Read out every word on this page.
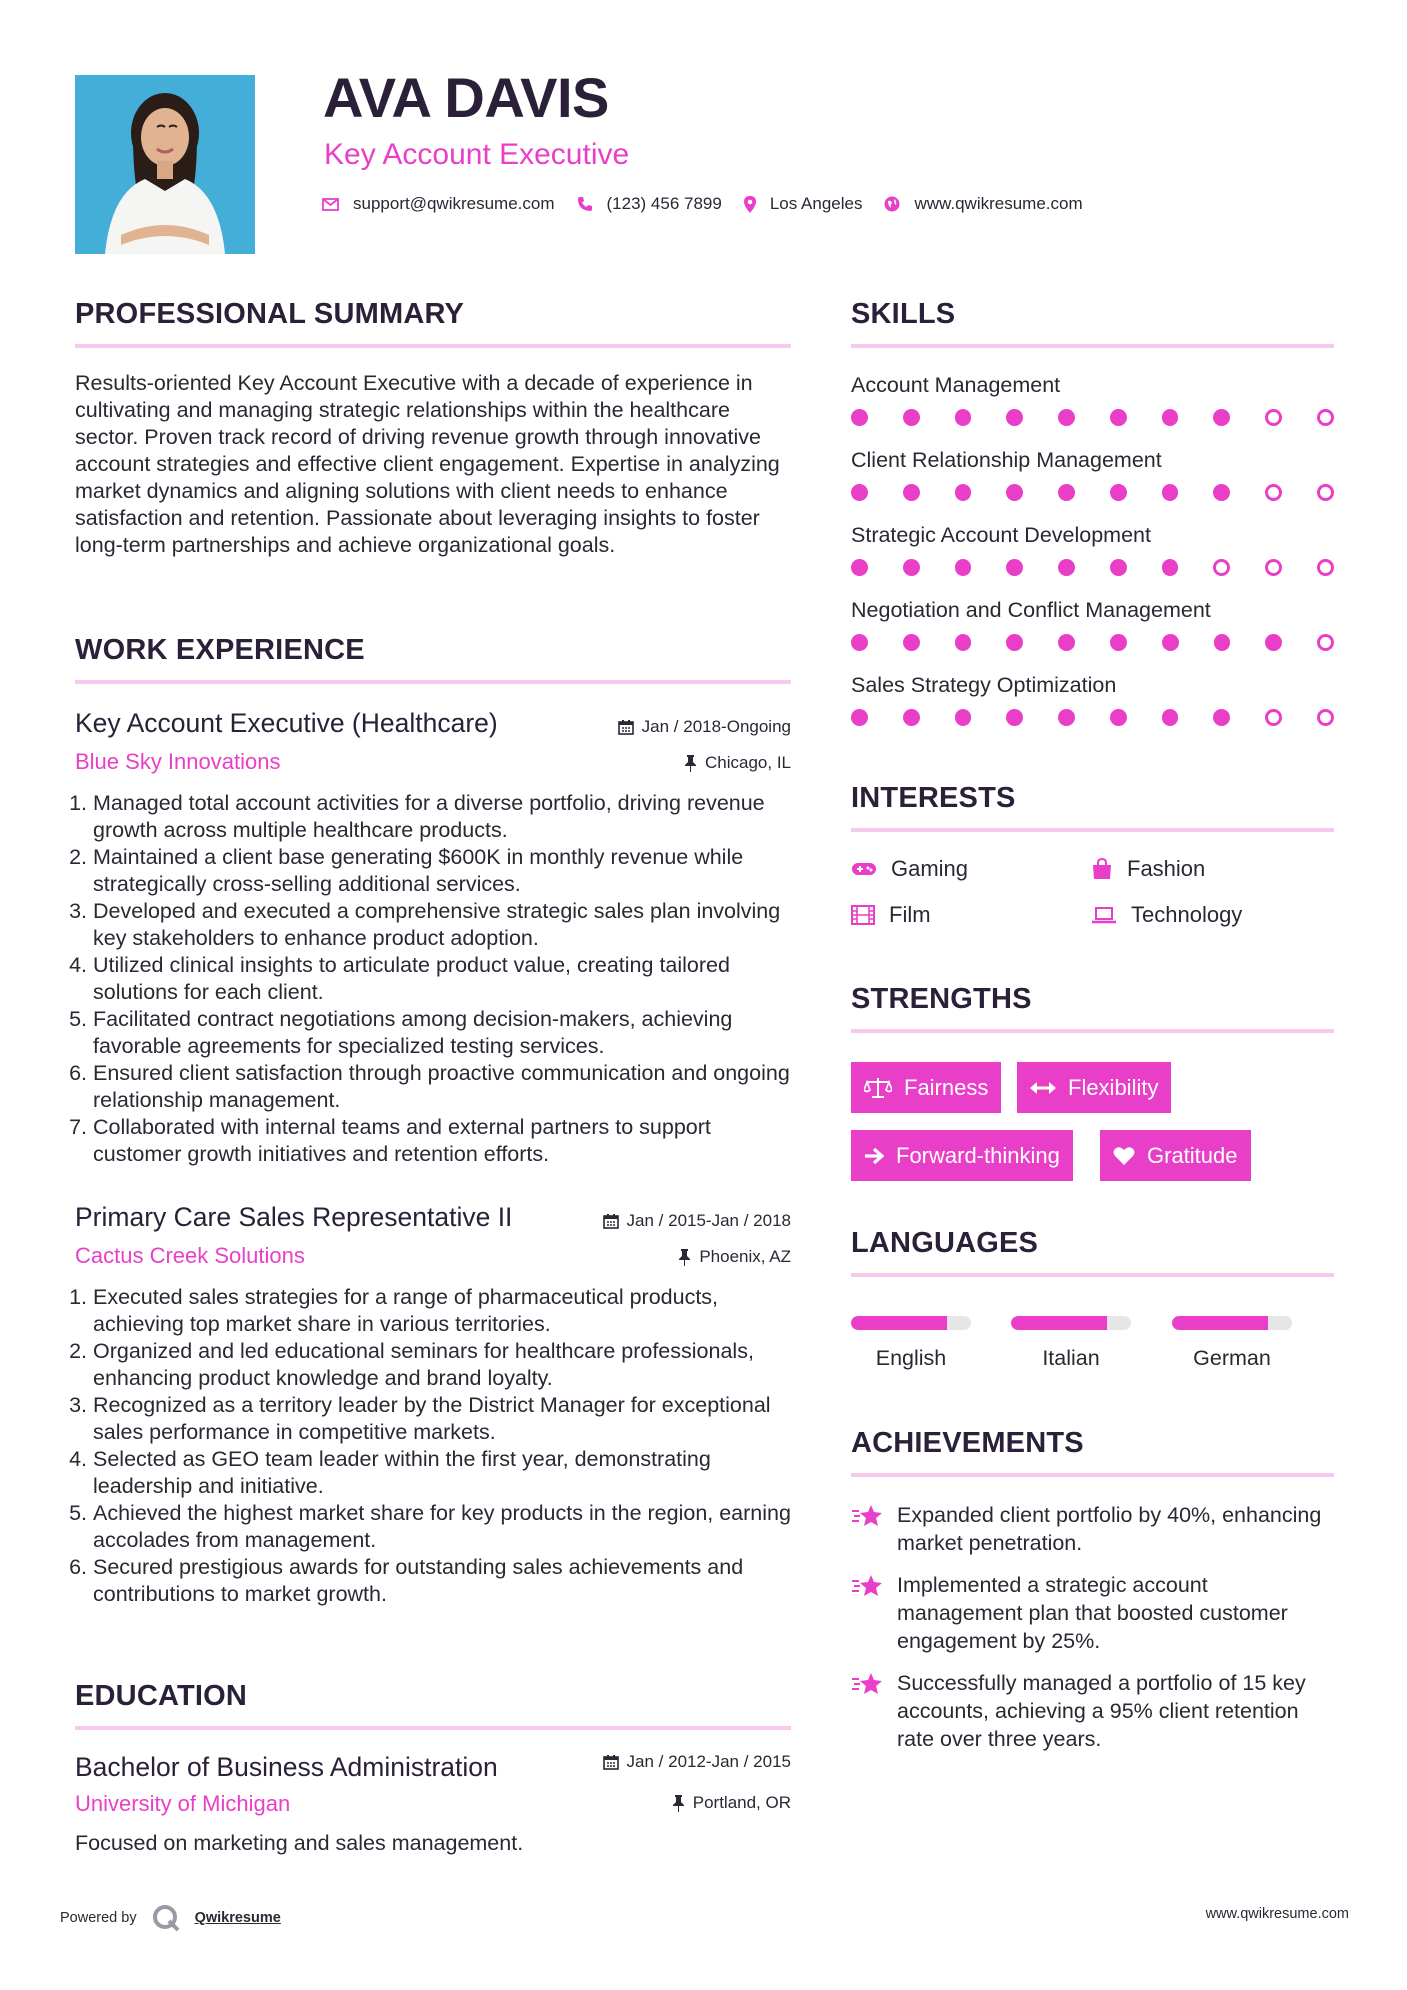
AVA DAVIS
Key Account Executive
support@qwikresume.com	(123) 456 7899	Los Angeles	www.qwikresume.com
PROFESSIONAL SUMMARY

Results-oriented Key Account Executive with a decade of experience in cultivating and managing strategic relationships within the healthcare sector. Proven track record of driving revenue growth through innovative account strategies and effective client engagement. Expertise in analyzing market dynamics and aligning solutions with client needs to enhance satisfaction and retention. Passionate about leveraging insights to foster long-term partnerships and achieve organizational goals.

WORK EXPERIENCE
Key Account Executive (Healthcare)	Jan / 2018-Ongoing
Blue Sky Innovations	Chicago, IL
1. Managed total account activities for a diverse portfolio, driving revenue growth across multiple healthcare products.
2. Maintained a client base generating $600K in monthly revenue while strategically cross-selling additional services.
3. Developed and executed a comprehensive strategic sales plan involving key stakeholders to enhance product adoption.
4. Utilized clinical insights to articulate product value, creating tailored solutions for each client.
5. Facilitated contract negotiations among decision-makers, achieving favorable agreements for specialized testing services.
6. Ensured client satisfaction through proactive communication and ongoing relationship management.
7. Collaborated with internal teams and external partners to support customer growth initiatives and retention efforts.
Primary Care Sales Representative II	Jan / 2015-Jan / 2018
Cactus Creek Solutions	Phoenix, AZ
1. Executed sales strategies for a range of pharmaceutical products, achieving top market share in various territories.
2. Organized and led educational seminars for healthcare professionals, enhancing product knowledge and brand loyalty.
3. Recognized as a territory leader by the District Manager for exceptional sales performance in competitive markets.
4. Selected as GEO team leader within the first year, demonstrating leadership and initiative.
5. Achieved the highest market share for key products in the region, earning accolades from management.
6. Secured prestigious awards for outstanding sales achievements and contributions to market growth.
EDUCATION
Bachelor of Business Administration	Jan / 2012-Jan / 2015
University of Michigan	Portland, OR
Focused on marketing and sales management.
SKILLS
Account Management
Client Relationship Management
Strategic Account Development
Negotiation and Conflict Management
Sales Strategy Optimization
INTERESTS
Gaming	Fashion
Film	Technology
STRENGTHS
Fairness	Flexibility
Forward-thinking	Gratitude
LANGUAGES
English	Italian	German
ACHIEVEMENTS
Expanded client portfolio by 40%, enhancing market penetration.
Implemented a strategic account management plan that boosted customer engagement by 25%.
Successfully managed a portfolio of 15 key accounts, achieving a 95% client retention rate over three years.
Powered by	Qwikresume	www.qwikresume.com
